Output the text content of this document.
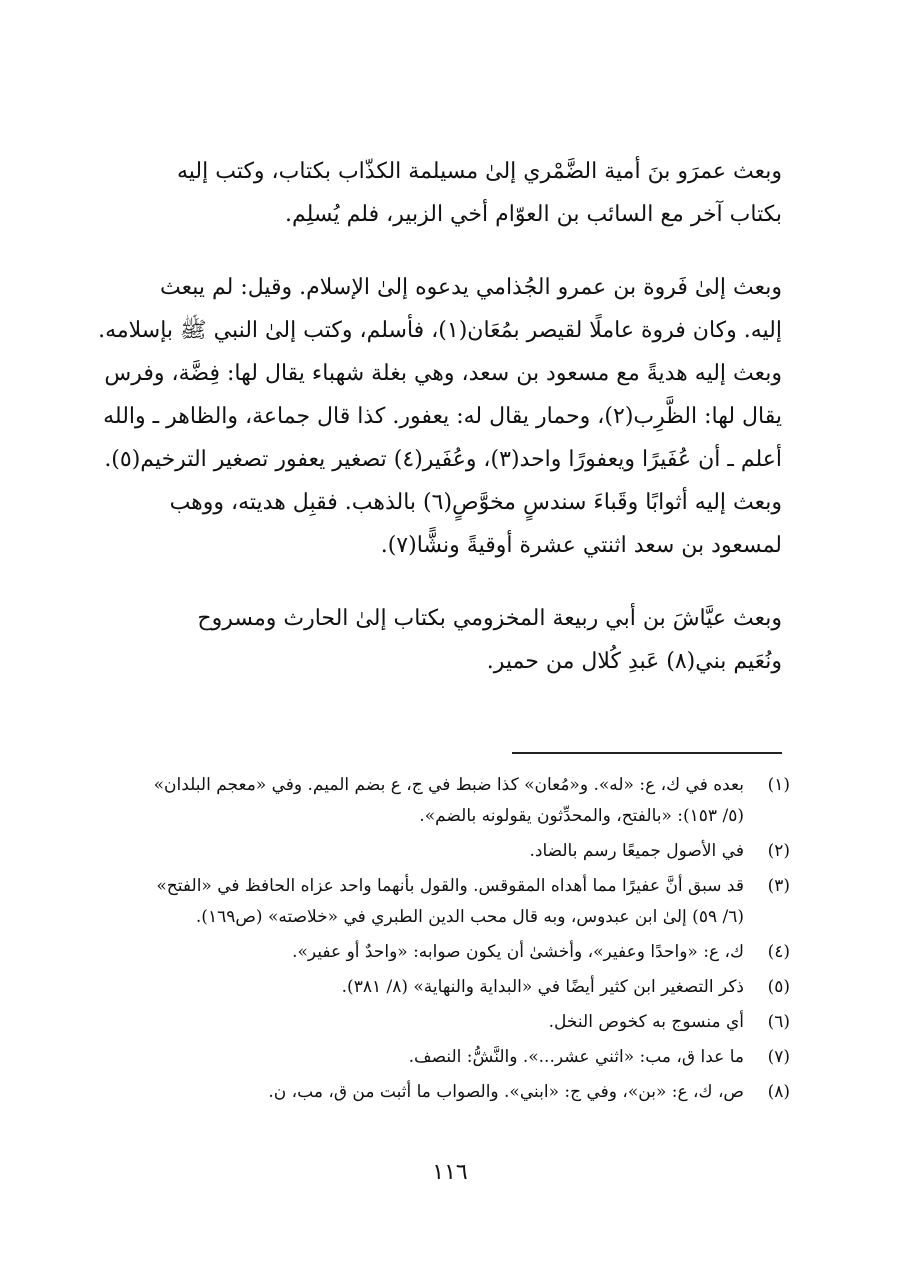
وبعث عمرَو بنَ أمية الضَّمْري إلىٰ مسيلمة الكذّاب بكتاب، وكتب إليه
بكتاب آخر مع السائب بن العوّام أخي الزبير، فلم يُسلِم.

وبعث إلىٰ فَروة بن عمرو الجُذامي يدعوه إلىٰ الإسلام. وقيل: لم يبعث
إليه. وكان فروة عاملًا لقيصر بمُعَان(١)، فأسلم، وكتب إلىٰ النبي ﷺ بإسلامه.
وبعث إليه هديةً مع مسعود بن سعد، وهي بغلة شهباء يقال لها: فِضَّة، وفرس
يقال لها: الظَّرِب(٢)، وحمار يقال له: يعفور. كذا قال جماعة، والظاهر ـ والله
أعلم ـ أن عُفَيرًا ويعفورًا واحد(٣)، وعُفَير(٤) تصغير يعفور تصغير الترخيم(٥).
وبعث إليه أثوابًا وقَباءَ سندسٍ مخوَّصٍ(٦) بالذهب. فقبِل هديته، ووهب
لمسعود بن سعد اثنتي عشرة أوقيةً ونشًّا(٧).

وبعث عيَّاشَ بن أبي ربيعة المخزومي بكتاب إلىٰ الحارث ومسروح
ونُعَيم بني(٨) عَبدِ كُلال من حمير.

(١)
بعده في ك، ع: «له». و«مُعان» كذا ضبط في ج، ع بضم الميم. وفي «معجم البلدان»
(٥/ ١٥٣): «بالفتح، والمحدِّثون يقولونه بالضم».
(٢)
في الأصول جميعًا رسم بالضاد.
(٣)
قد سبق أنَّ عفيرًا مما أهداه المقوقس. والقول بأنهما واحد عزاه الحافظ في «الفتح»
(٦/ ٥٩) إلىٰ ابن عبدوس، وبه قال محب الدين الطبري في «خلاصته» (ص١٦٩).
(٤)
ك، ع: «واحدًا وعفير»، وأخشىٰ أن يكون صوابه: «واحدٌ أو عفير».
(٥)
ذكر التصغير ابن كثير أيضًا في «البداية والنهاية» (٨/ ٣٨١).
(٦)
أي منسوج به كخوص النخل.
(٧)
ما عدا ق، مب: «اثني عشر...». والنَّشُّ: النصف.
(٨)
ص، ك، ع: «بن»، وفي ج: «ابني». والصواب ما أثبت من ق، مب، ن.
١١٦
